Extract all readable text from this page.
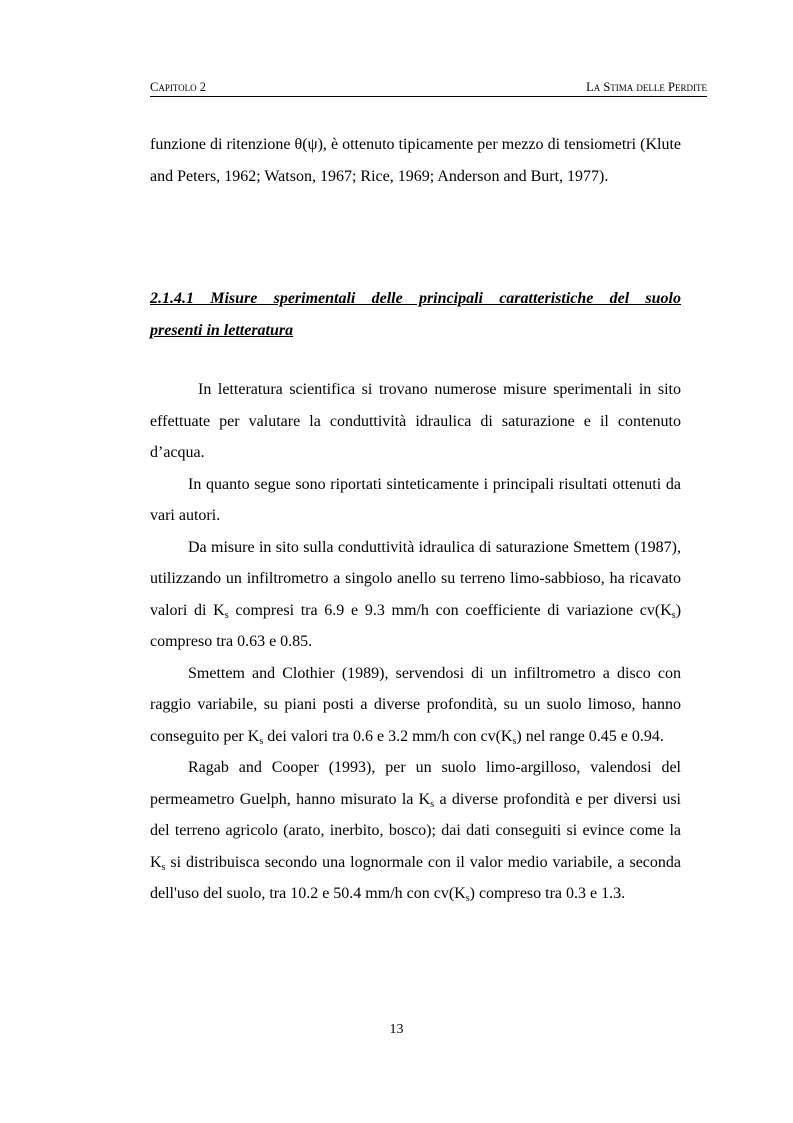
Capitolo 2	La Stima delle Perdite

funzione di ritenzione θ(ψ), è ottenuto tipicamente per mezzo di tensiometri (Klute and Peters, 1962; Watson, 1967; Rice, 1969; Anderson and Burt, 1977).

2.1.4.1 Misure sperimentali delle principali caratteristiche del suolo
presenti in letteratura

In letteratura scientifica si trovano numerose misure sperimentali in sito effettuate per valutare la conduttività idraulica di saturazione e il contenuto d’acqua.

In quanto segue sono riportati sinteticamente i principali risultati ottenuti da vari autori.

Da misure in sito sulla conduttività idraulica di saturazione Smettem (1987), utilizzando un infiltrometro a singolo anello su terreno limo-sabbioso, ha ricavato valori di $K_s$ compresi tra 6.9 e 9.3 mm/h con coefficiente di variazione $cv(K_s)$ compreso tra 0.63 e 0.85.

Smettem and Clothier (1989), servendosi di un infiltrometro a disco con raggio variabile, su piani posti a diverse profondità, su un suolo limoso, hanno conseguito per $K_s$ dei valori tra 0.6 e 3.2 mm/h con $cv(K_s)$ nel range 0.45 e 0.94.

Ragab and Cooper (1993), per un suolo limo-argilloso, valendosi del permeametro Guelph, hanno misurato la $K_s$ a diverse profondità e per diversi usi del terreno agricolo (arato, inerbito, bosco); dai dati conseguiti si evince come la $K_s$ si distribuisca secondo una lognormale con il valor medio variabile, a seconda dell'uso del suolo, tra 10.2 e 50.4 mm/h con $cv(K_s)$ compreso tra 0.3 e 1.3.

13
